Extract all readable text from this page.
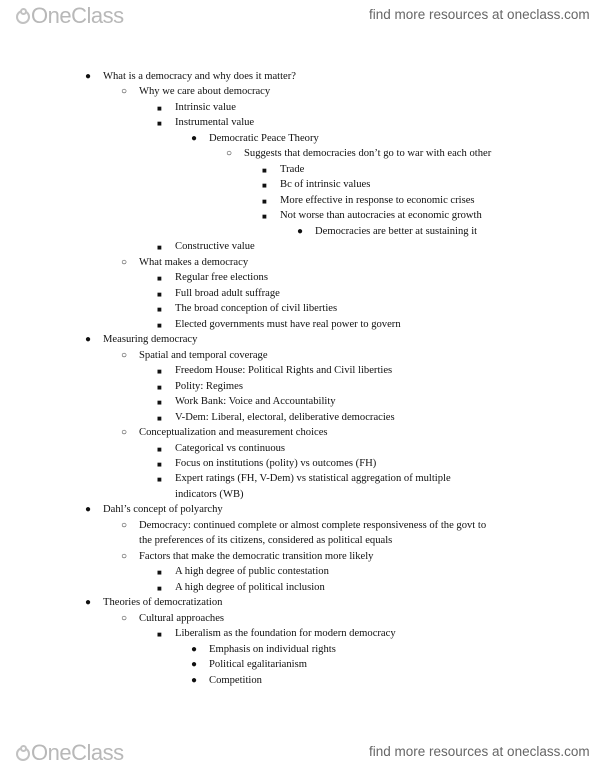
OneClass	find more resources at oneclass.com
● What is a democracy and why does it matter?
○ Why we care about democracy
■ Intrinsic value
■ Instrumental value
● Democratic Peace Theory
○ Suggests that democracies don’t go to war with each other
■ Trade
■ Bc of intrinsic values
■ More effective in response to economic crises
■ Not worse than autocracies at economic growth
● Democracies are better at sustaining it
■ Constructive value
○ What makes a democracy
■ Regular free elections
■ Full broad adult suffrage
■ The broad conception of civil liberties
■ Elected governments must have real power to govern
● Measuring democracy
○ Spatial and temporal coverage
■ Freedom House: Political Rights and Civil liberties
■ Polity: Regimes
■ Work Bank: Voice and Accountability
■ V-Dem: Liberal, electoral, deliberative democracies
○ Conceptualization and measurement choices
■ Categorical vs continuous
■ Focus on institutions (polity) vs outcomes (FH)
■ Expert ratings (FH, V-Dem) vs statistical aggregation of multiple
indicators (WB)
● Dahl’s concept of polyarchy
○ Democracy: continued complete or almost complete responsiveness of the govt to
the preferences of its citizens, considered as political equals
○ Factors that make the democratic transition more likely
■ A high degree of public contestation
■ A high degree of political inclusion
● Theories of democratization
○ Cultural approaches
■ Liberalism as the foundation for modern democracy
● Emphasis on individual rights
● Political egalitarianism
● Competition
OneClass	find more resources at oneclass.com
